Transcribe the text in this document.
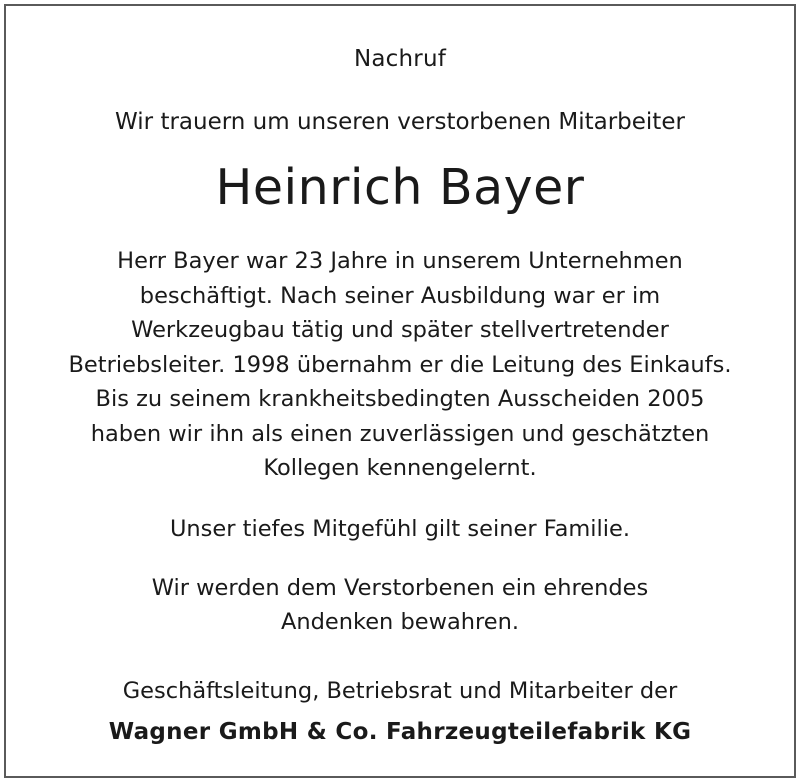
Nachruf

Wir trauern um unseren verstorbenen Mitarbeiter

Heinrich Bayer

Herr Bayer war 23 Jahre in unserem Unternehmen

beschäftigt. Nach seiner Ausbildung war er im

Werkzeugbau tätig und später stellvertretender

Betriebsleiter. 1998 übernahm er die Leitung des Einkaufs.

Bis zu seinem krankheitsbedingten Ausscheiden 2005

haben wir ihn als einen zuverlässigen und geschätzten

Kollegen kennengelernt.

Unser tiefes Mitgefühl gilt seiner Familie.

Wir werden dem Verstorbenen ein ehrendes

Andenken bewahren.

Geschäftsleitung, Betriebsrat und Mitarbeiter der

Wagner GmbH & Co. Fahrzeugteilefabrik KG
